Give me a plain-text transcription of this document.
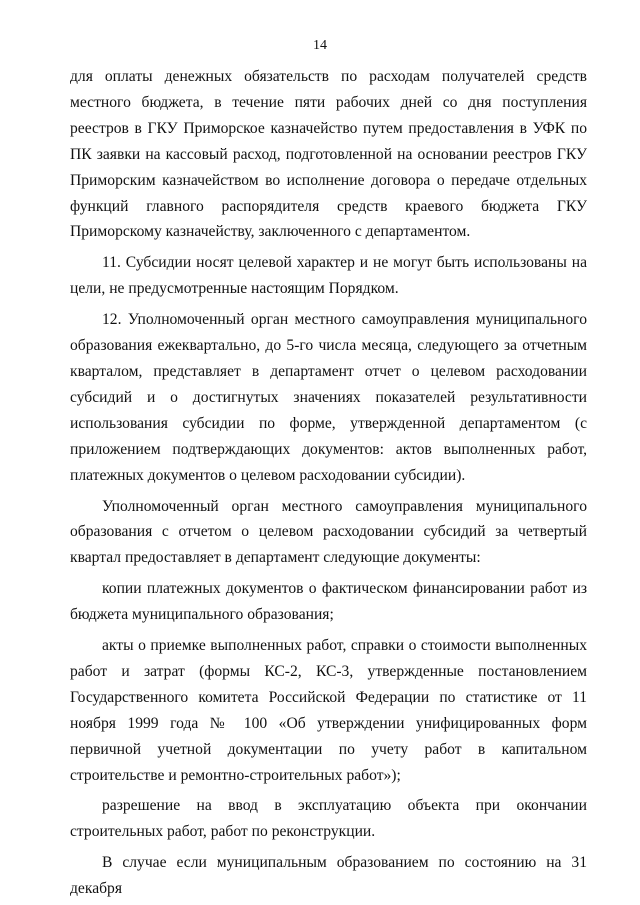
14

для оплаты денежных обязательств по расходам получателей средств местного бюджета, в течение пяти рабочих дней со дня поступления реестров в ГКУ Приморское казначейство путем предоставления в УФК по ПК заявки на кассовый расход, подготовленной на основании реестров ГКУ Приморским казначейством во исполнение договора о передаче отдельных функций главного распорядителя средств краевого бюджета ГКУ Приморскому казначейству, заключенного с департаментом.

11. Субсидии носят целевой характер и не могут быть использованы на цели, не предусмотренные настоящим Порядком.

12. Уполномоченный орган местного самоуправления муниципального образования ежеквартально, до 5-го числа месяца, следующего за отчетным кварталом, представляет в департамент отчет о целевом расходовании субсидий и о достигнутых значениях показателей результативности использования субсидии по форме, утвержденной департаментом (с приложением подтверждающих документов: актов выполненных работ, платежных документов о целевом расходовании субсидии).

Уполномоченный орган местного самоуправления муниципального образования с отчетом о целевом расходовании субсидий за четвертый квартал предоставляет в департамент следующие документы:

копии платежных документов о фактическом финансировании работ из бюджета муниципального образования;

акты о приемке выполненных работ, справки о стоимости выполненных работ и затрат (формы КС-2, КС-3, утвержденные постановлением Государственного комитета Российской Федерации по статистике от 11 ноября 1999 года № 100 «Об утверждении унифицированных форм первичной учетной документации по учету работ в капитальном строительстве и ремонтно-строительных работ»);

разрешение на ввод в эксплуатацию объекта при окончании строительных работ, работ по реконструкции.

В случае если муниципальным образованием по состоянию на 31 декабря
